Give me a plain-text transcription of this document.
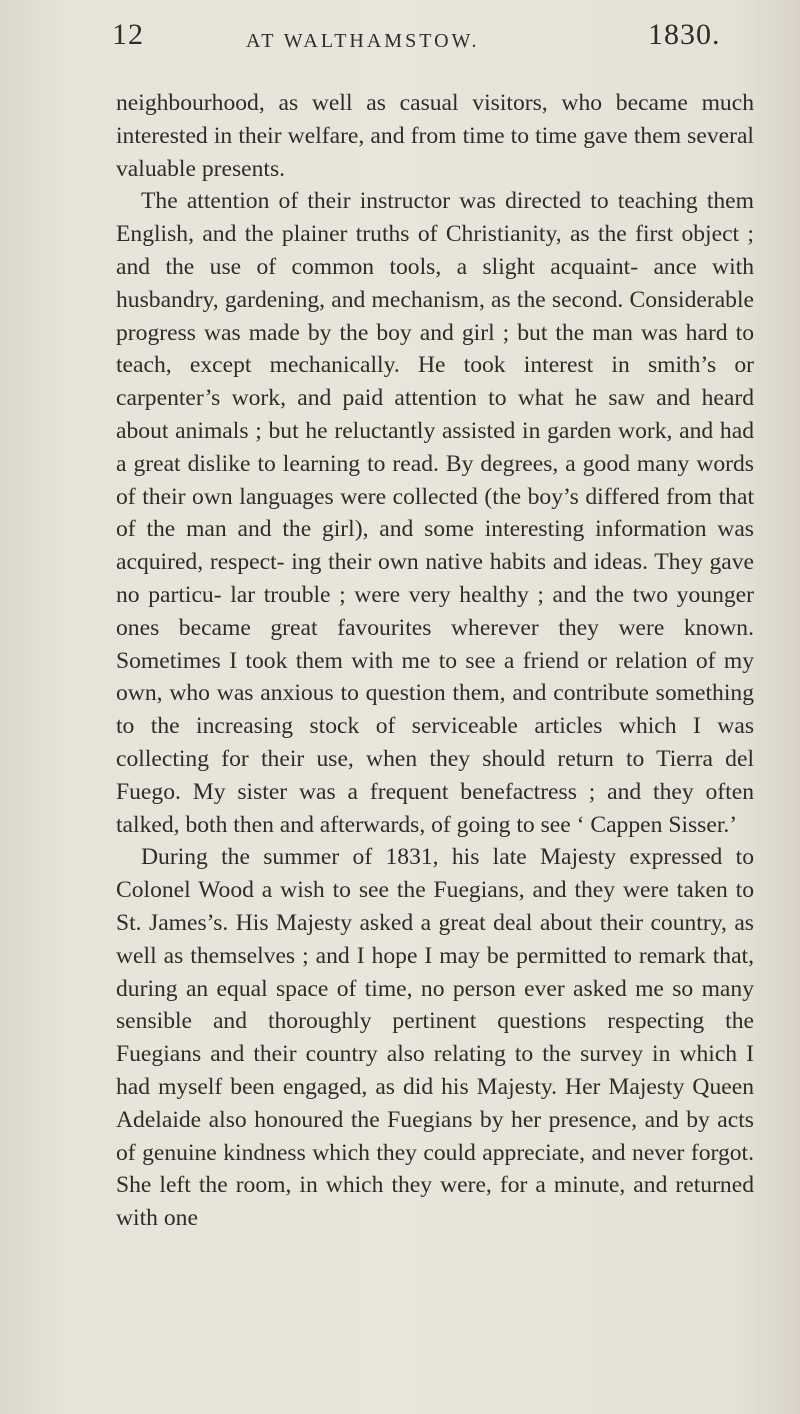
12	AT WALTHAMSTOW.	1830.

neighbourhood, as well as casual visitors, who became much interested in their welfare, and from time to time gave them several valuable presents.

The attention of their instructor was directed to teaching them English, and the plainer truths of Christianity, as the first object ; and the use of common tools, a slight acquaint- ance with husbandry, gardening, and mechanism, as the second. Considerable progress was made by the boy and girl ; but the man was hard to teach, except mechanically. He took interest in smith’s or carpenter’s work, and paid attention to what he saw and heard about animals ; but he reluctantly assisted in garden work, and had a great dislike to learning to read. By degrees, a good many words of their own languages were collected (the boy’s differed from that of the man and the girl), and some interesting information was acquired, respect- ing their own native habits and ideas. They gave no particu- lar trouble ; were very healthy ; and the two younger ones became great favourites wherever they were known. Sometimes I took them with me to see a friend or relation of my own, who was anxious to question them, and contribute something to the increasing stock of serviceable articles which I was collecting for their use, when they should return to Tierra del Fuego. My sister was a frequent benefactress ; and they often talked, both then and afterwards, of going to see ‘ Cappen Sisser.’

During the summer of 1831, his late Majesty expressed to Colonel Wood a wish to see the Fuegians, and they were taken to St. James’s. His Majesty asked a great deal about their country, as well as themselves ; and I hope I may be permitted to remark that, during an equal space of time, no person ever asked me so many sensible and thoroughly pertinent questions respecting the Fuegians and their country also relating to the survey in which I had myself been engaged, as did his Majesty. Her Majesty Queen Adelaide also honoured the Fuegians by her presence, and by acts of genuine kindness which they could appreciate, and never forgot. She left the room, in which they were, for a minute, and returned with one
